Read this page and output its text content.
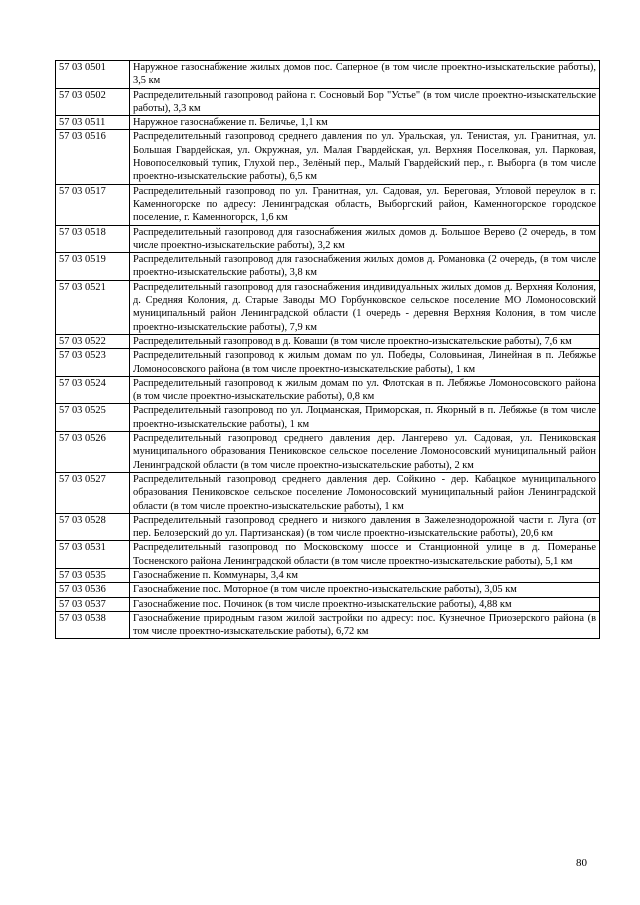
57 03 0501	Наружное газоснабжение жилых домов пос. Саперное (в том числе проектно-изыскательские работы), 3,5 км
57 03 0502	Распределительный газопровод района г. Сосновый Бор "Устье" (в том числе проектно-изыскательские работы), 3,3 км
57 03 0511	Наружное газоснабжение п. Беличье, 1,1 км
57 03 0516	Распределительный газопровод среднего давления по ул. Уральская, ул. Тенистая, ул. Гранитная, ул. Большая Гвардейская, ул. Окружная, ул. Малая Гвардейская, ул. Верхняя Поселковая, ул. Парковая, Новопоселковый тупик, Глухой пер., Зелёный пер., Малый Гвардейский пер., г. Выборга (в том числе проектно-изыскательские работы), 6,5 км
57 03 0517	Распределительный газопровод по ул. Гранитная, ул. Садовая, ул. Береговая, Угловой переулок в г. Каменногорске по адресу: Ленинградская область, Выборгский район, Каменногорское городское поселение, г. Каменногорск, 1,6 км
57 03 0518	Распределительный газопровод для газоснабжения жилых домов д. Большое Верево (2 очередь, в том числе проектно-изыскательские работы), 3,2 км
57 03 0519	Распределительный газопровод для газоснабжения жилых домов д. Романовка (2 очередь, (в том числе проектно-изыскательские работы), 3,8 км
57 03 0521	Распределительный газопровод для газоснабжения индивидуальных жилых домов д. Верхняя Колония, д. Средняя Колония, д. Старые Заводы МО Горбунковское сельское поселение МО Ломоносовский муниципальный район Ленинградской области (1 очередь - деревня Верхняя Колония, в том числе проектно-изыскательские работы), 7,9 км
57 03 0522	Распределительный газопровод в д. Коваши (в том числе проектно-изыскательские работы), 7,6 км
57 03 0523	Распределительный газопровод к жилым домам по ул. Победы, Соловьиная, Линейная в п. Лебяжье Ломоносовского района (в том числе проектно-изыскательские работы), 1 км
57 03 0524	Распределительный газопровод к жилым домам по ул. Флотская в п. Лебяжье Ломоносовского района (в том числе проектно-изыскательские работы), 0,8 км
57 03 0525	Распределительный газопровод по ул. Лоцманская, Приморская, п. Якорный в п. Лебяжье (в том числе проектно-изыскательские работы), 1 км
57 03 0526	Распределительный газопровод среднего давления дер. Лангерево ул. Садовая, ул. Пениковская муниципального образования Пениковское сельское поселение Ломоносовский муниципальный район Ленинградской области (в том числе проектно-изыскательские работы), 2 км
57 03 0527	Распределительный газопровод среднего давления дер. Сойкино - дер. Кабацкое муниципального образования Пениковское сельское поселение Ломоносовский муниципальный район Ленинградской области (в том числе проектно-изыскательские работы), 1 км
57 03 0528	Распределительный газопровод среднего и низкого давления в Зажелезнодорожной части г. Луга (от пер. Белозерский до ул. Партизанская) (в том числе проектно-изыскательские работы), 20,6 км
57 03 0531	Распределительный газопровод по Московскому шоссе и Станционной улице в д. Померанье Тосненского района Ленинградской области (в том числе проектно-изыскательские работы), 5,1 км
57 03 0535	Газоснабжение п. Коммунары, 3,4 км
57 03 0536	Газоснабжение пос. Моторное (в том числе проектно-изыскательские работы), 3,05 км
57 03 0537	Газоснабжение пос. Починок (в том числе проектно-изыскательские работы), 4,88 км
57 03 0538	Газоснабжение природным газом жилой застройки по адресу: пос. Кузнечное Приозерского района (в том числе проектно-изыскательские работы), 6,72 км
80
